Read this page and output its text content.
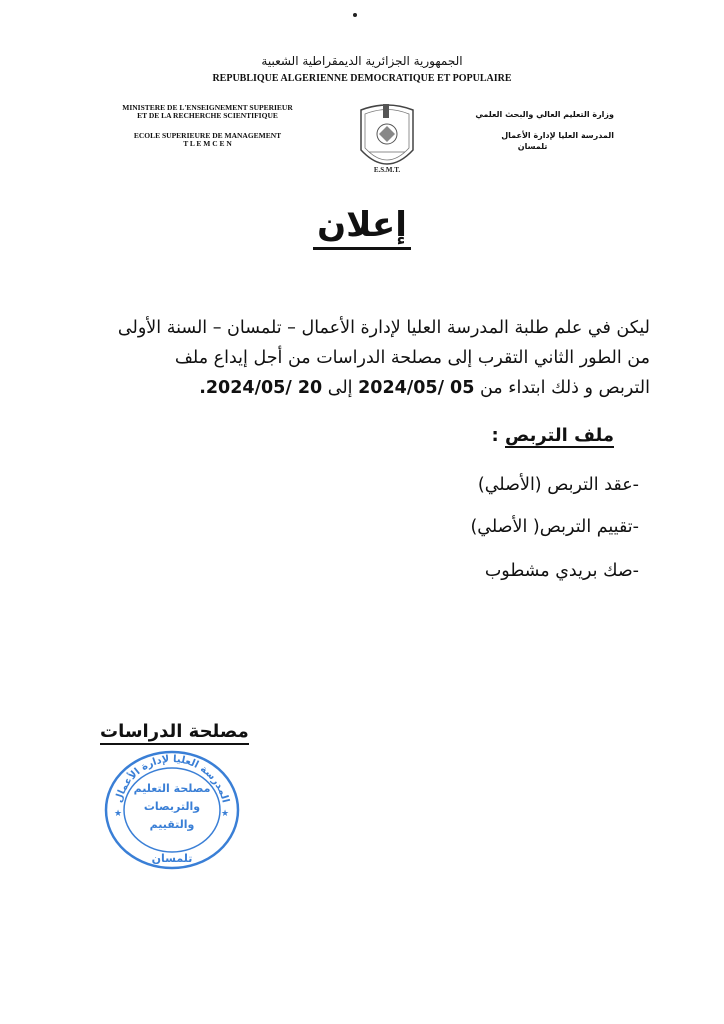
الجمهورية الجزائرية الديمقراطية الشعبية
REPUBLIQUE ALGERIENNE DEMOCRATIQUE ET POPULAIRE
MINISTERE DE L'ENSEIGNEMENT SUPERIEUR
ET DE LA RECHERCHE SCIENTIFIQUE
ECOLE SUPERIEURE DE MANAGEMENT
T L E M C E N
وزارة التعليم العالي والبحث العلمي
المدرسة العليا لإدارة الأعمال
تلمسان
E.S.M.T.
إعلان
ليكن في علم طلبة المدرسة العليا لإدارة الأعمال – تلمسان – السنة الأولى
من الطور الثاني التقرب إلى مصلحة الدراسات من أجل إيداع ملف
التربص و ذلك ابتداء من 05 /2024/05 إلى 20 /2024/05.
ملف التربص :
-عقد التربص (الأصلي)
-تقييم التربص( الأصلي)
-صك بريدي مشطوب
مصلحة الدراسات
المدرسة العليا لإدارة الأعمال
مصلحة التعليم
والتربصات
والتقييم
تلمسان
★	★
